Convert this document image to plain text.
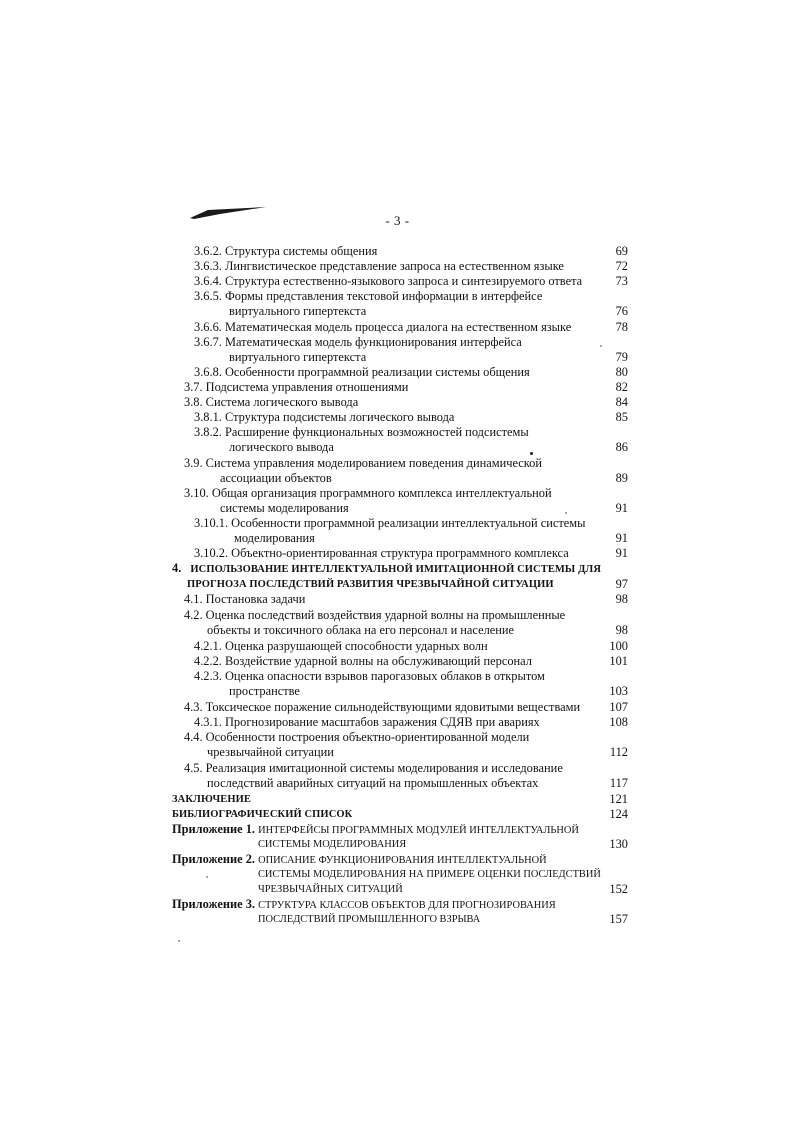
- 3 -
3.6.2. Структура системы общения
3.6.3. Лингвистическое представление запроса на естественном языке
3.6.4. Структура естественно-языкового запроса и синтезируемого ответа
3.6.5. Формы представления текстовой информации в интерфейсе
виртуального гипертекста
3.6.6. Математическая модель процесса диалога на естественном языке
3.6.7. Математическая модель функционирования интерфейса
виртуального гипертекста
3.6.8. Особенности программной реализации системы общения
3.7. Подсистема управления отношениями
3.8. Система логического вывода
3.8.1. Структура подсистемы логического вывода
3.8.2. Расширение функциональных возможностей подсистемы
логического вывода
3.9. Система управления моделированием поведения динамической
ассоциации объектов
3.10. Общая организация программного комплекса интеллектуальной
системы моделирования
3.10.1. Особенности программной реализации интеллектуальной системы
моделирования
3.10.2. Объектно-ориентированная структура программного комплекса
4. ИСПОЛЬЗОВАНИЕ ИНТЕЛЛЕКТУАЛЬНОЙ ИМИТАЦИОННОЙ СИСТЕМЫ ДЛЯ
ПРОГНОЗА ПОСЛЕДСТВИЙ РАЗВИТИЯ ЧРЕЗВЫЧАЙНОЙ СИТУАЦИИ
4.1. Постановка задачи
4.2. Оценка последствий воздействия ударной волны на промышленные
объекты и токсичного облака на его персонал и население
4.2.1. Оценка разрушающей способности ударных волн
4.2.2. Воздействие ударной волны на обслуживающий персонал
4.2.3. Оценка опасности взрывов парогазовых облаков в открытом
пространстве
4.3. Токсическое поражение сильнодействующими ядовитыми веществами
4.3.1. Прогнозирование масштабов заражения СДЯВ при авариях
4.4. Особенности построения объектно-ориентированной модели
чрезвычайной ситуации
4.5. Реализация имитационной системы моделирования и исследование
последствий аварийных ситуаций на промышленных объектах
ЗАКЛЮЧЕНИЕ
БИБЛИОГРАФИЧЕСКИЙ СПИСОК
Приложение 1. ИНТЕРФЕЙСЫ ПРОГРАММНЫХ МОДУЛЕЙ ИНТЕЛЛЕКТУАЛЬНОЙ
СИСТЕМЫ МОДЕЛИРОВАНИЯ
Приложение 2. ОПИСАНИЕ ФУНКЦИОНИРОВАНИЯ ИНТЕЛЛЕКТУАЛЬНОЙ
СИСТЕМЫ МОДЕЛИРОВАНИЯ НА ПРИМЕРЕ ОЦЕНКИ ПОСЛЕДСТВИЙ
ЧРЕЗВЫЧАЙНЫХ СИТУАЦИЙ
Приложение 3. СТРУКТУРА КЛАССОВ ОБЪЕКТОВ ДЛЯ ПРОГНОЗИРОВАНИЯ
ПОСЛЕДСТВИЙ ПРОМЫШЛЕННОГО ВЗРЫВА
69
72
73
76
78
79
80
82
84
85
86
89
91
91
91
97
98
98
100
101
103
107
108
112
117
121
124
130
152
157
